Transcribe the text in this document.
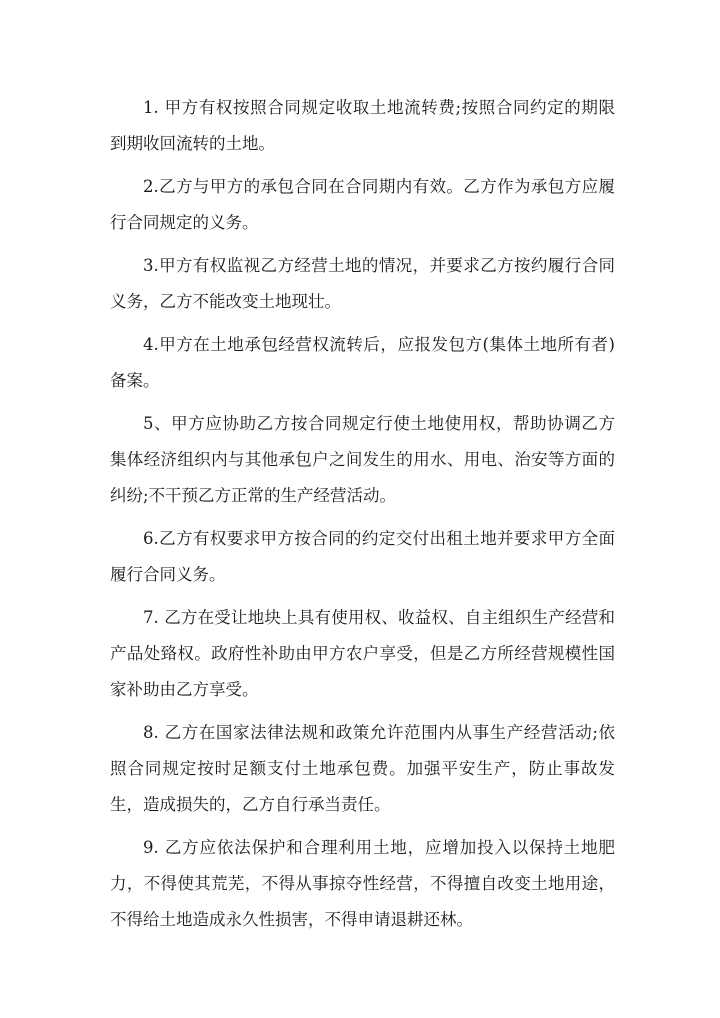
1. 甲方有权按照合同规定收取土地流转费;按照合同约定的期限到期收回流转的土地。

2.乙方与甲方的承包合同在合同期内有效。乙方作为承包方应履行合同规定的义务。

3.甲方有权监视乙方经营土地的情况，并要求乙方按约履行合同义务，乙方不能改变土地现壮。

4.甲方在土地承包经营权流转后，应报发包方(集体土地所有者)备案。

5、甲方应协助乙方按合同规定行使土地使用权，帮助协调乙方集体经济组织内与其他承包户之间发生的用水、用电、治安等方面的纠纷;不干预乙方正常的生产经营活动。

6.乙方有权要求甲方按合同的约定交付出租土地并要求甲方全面履行合同义务。

7. 乙方在受让地块上具有使用权、收益权、自主组织生产经营和产品处臵权。政府性补助由甲方农户享受，但是乙方所经营规模性国家补助由乙方享受。

8. 乙方在国家法律法规和政策允许范围内从事生产经营活动;依照合同规定按时足额支付土地承包费。加强平安生产，防止事故发生，造成损失的，乙方自行承当责任。

9. 乙方应依法保护和合理利用土地，应增加投入以保持土地肥力，不得使其荒芜，不得从事掠夺性经营，不得擅自改变土地用途，不得给土地造成永久性损害，不得申请退耕还林。
